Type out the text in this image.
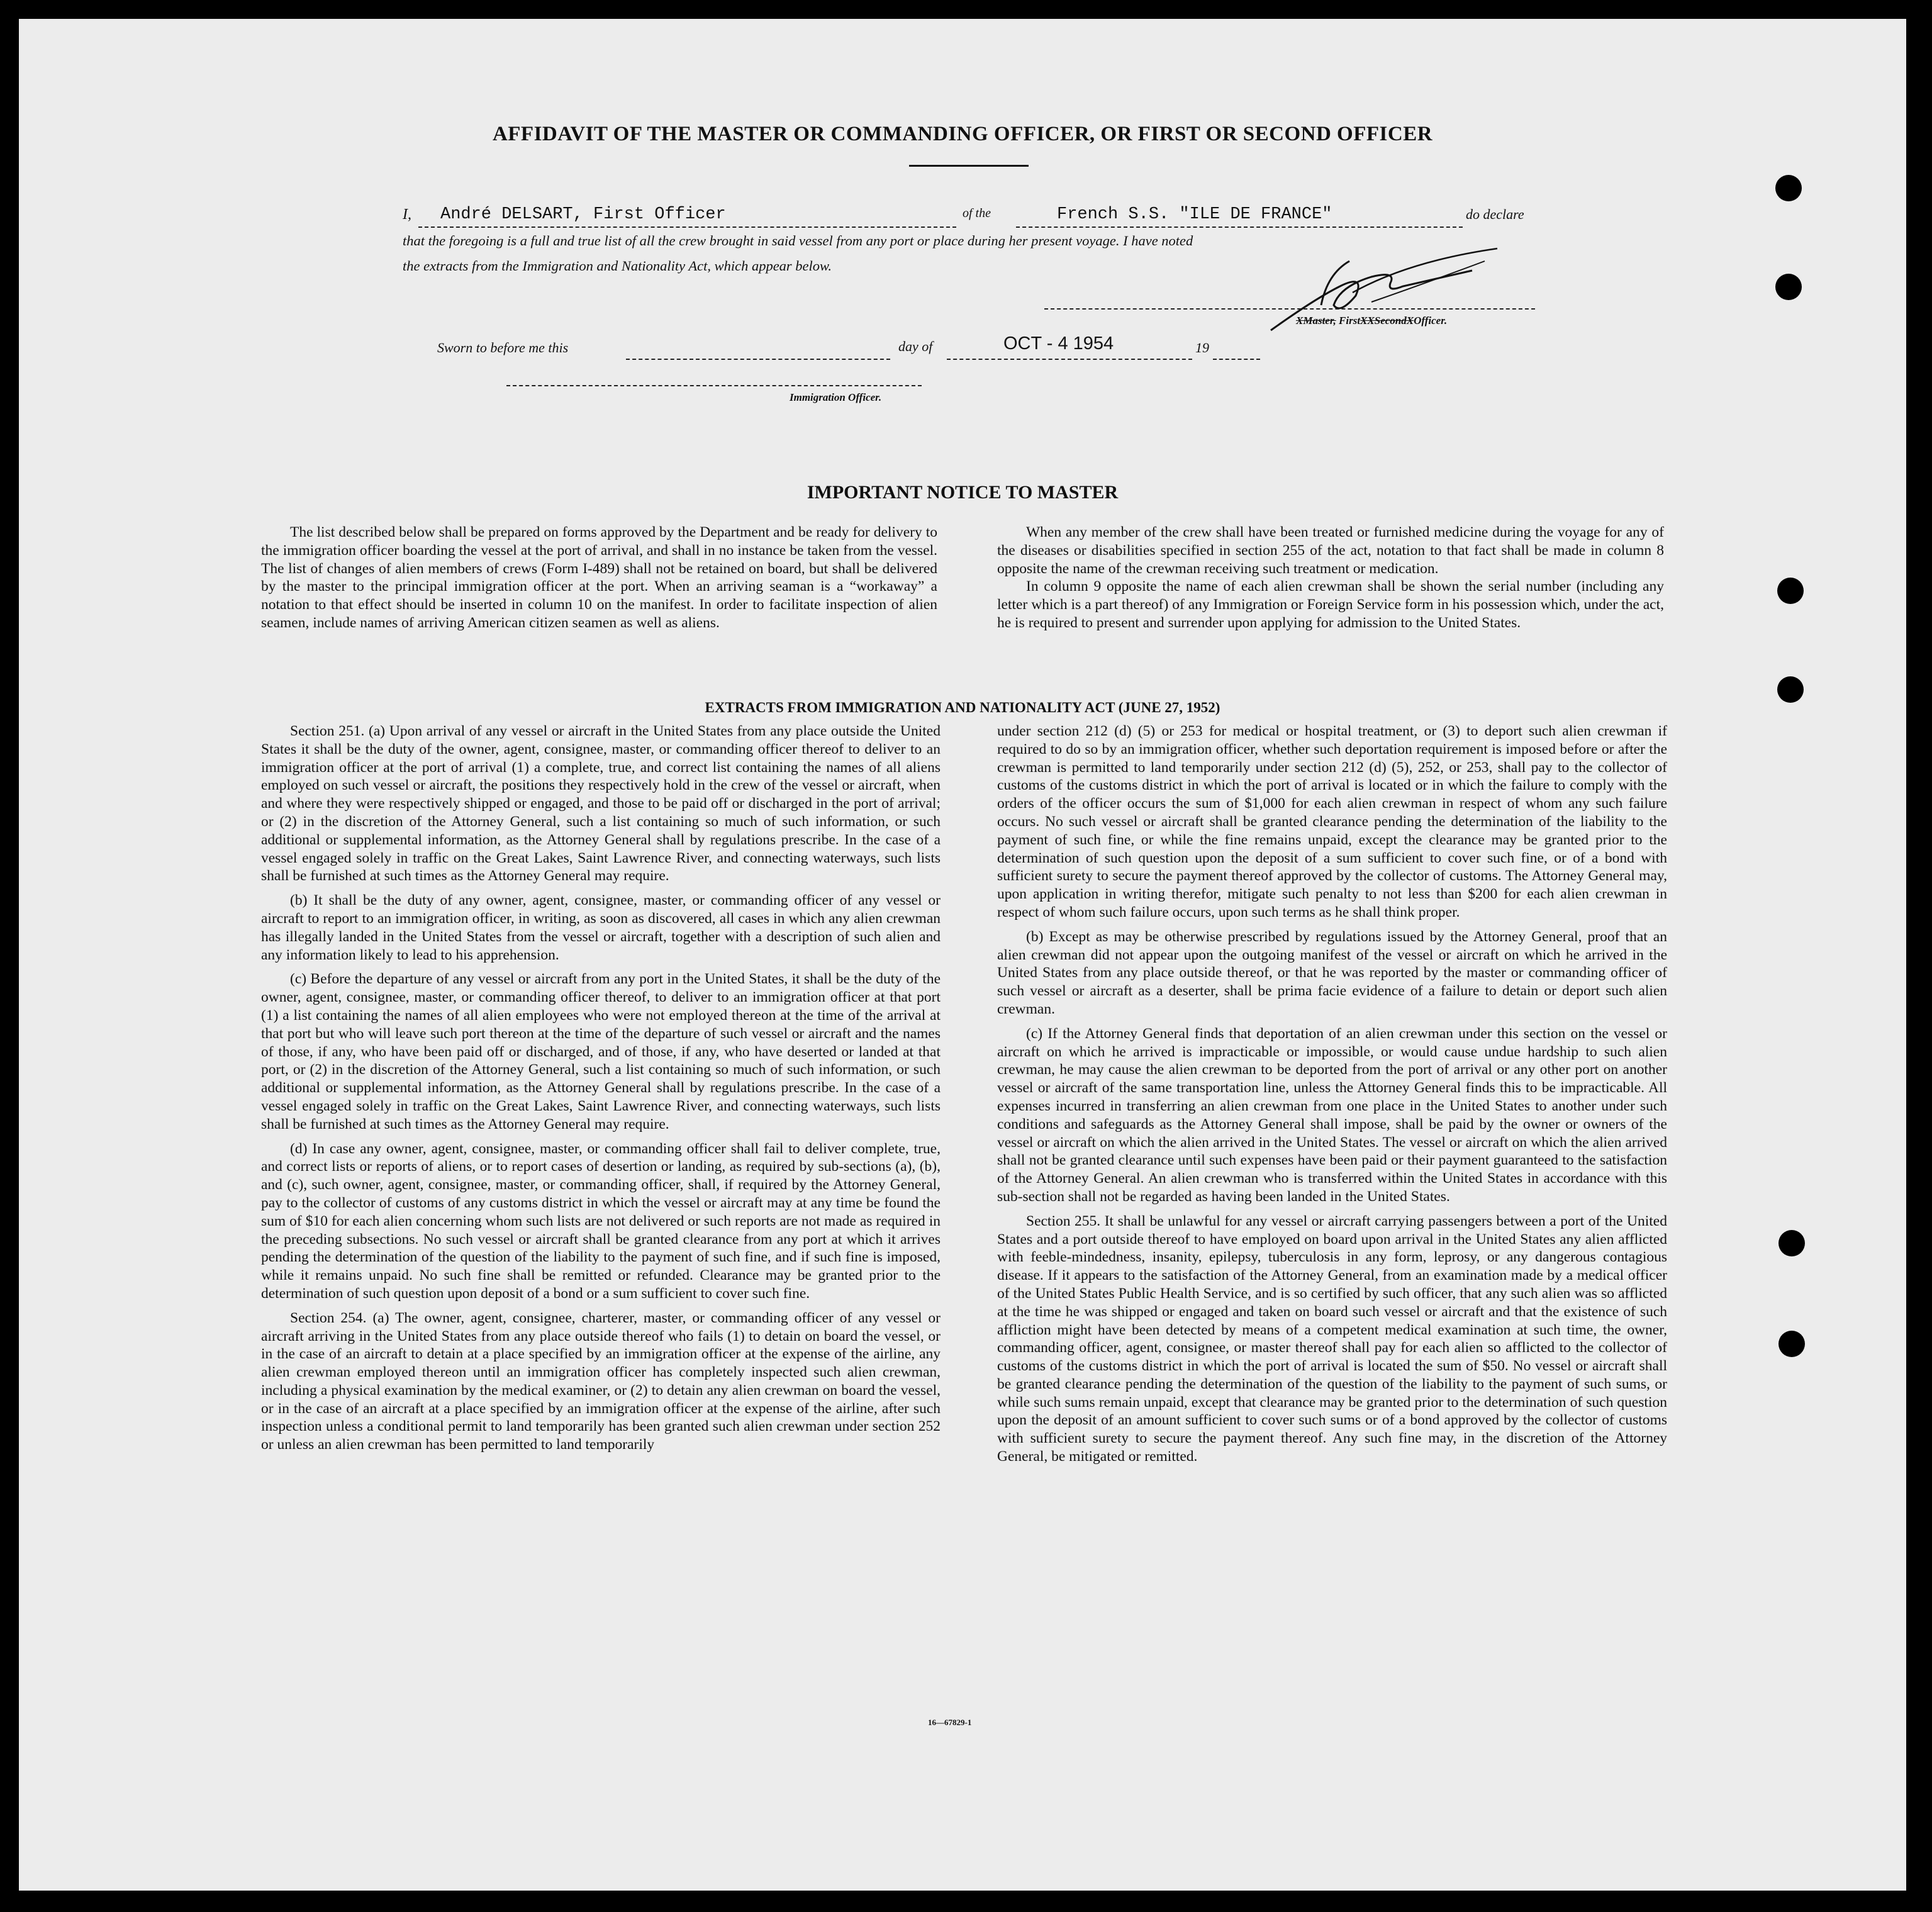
AFFIDAVIT OF THE MASTER OR COMMANDING OFFICER, OR FIRST OR SECOND OFFICER
I, André DELSART, First Officer	of the	French S.S. "ILE DE FRANCE"	do declare
that the foregoing is a full and true list of all the crew brought in said vessel from any port or place during her present voyage. I have noted
the extracts from the Immigration and Nationality Act, which appear below.
XMaster, FirstXXSecondXOfficer.
Sworn to before me this	day of	OCT - 4 1954	19
Immigration Officer.
IMPORTANT NOTICE TO MASTER

The list described below shall be prepared on forms approved by the Department and be ready for delivery to the immigration officer boarding the vessel at the port of arrival, and shall in no instance be taken from the vessel. The list of changes of alien members of crews (Form I-489) shall not be retained on board, but shall be delivered by the master to the principal immigration officer at the port. When an arriving seaman is a “workaway” a notation to that effect should be inserted in column 10 on the manifest. In order to facilitate inspection of alien seamen, include names of arriving American citizen seamen as well as aliens.

When any member of the crew shall have been treated or furnished medicine during the voyage for any of the diseases or disabilities specified in section 255 of the act, notation to that fact shall be made in column 8 opposite the name of the crewman receiving such treatment or medication.

In column 9 opposite the name of each alien crewman shall be shown the serial number (including any letter which is a part thereof) of any Immigration or Foreign Service form in his possession which, under the act, he is required to present and surrender upon applying for admission to the United States.

EXTRACTS FROM IMMIGRATION AND NATIONALITY ACT (JUNE 27, 1952)

Section 251. (a) Upon arrival of any vessel or aircraft in the United States from any place outside the United States it shall be the duty of the owner, agent, consignee, master, or commanding officer thereof to deliver to an immigration officer at the port of arrival (1) a complete, true, and correct list containing the names of all aliens employed on such vessel or aircraft, the positions they respectively hold in the crew of the vessel or aircraft, when and where they were respectively shipped or engaged, and those to be paid off or discharged in the port of arrival; or (2) in the discretion of the Attorney General, such a list containing so much of such information, or such additional or supplemental information, as the Attorney General shall by regulations prescribe. In the case of a vessel engaged solely in traffic on the Great Lakes, Saint Lawrence River, and connecting waterways, such lists shall be furnished at such times as the Attorney General may require.

(b) It shall be the duty of any owner, agent, consignee, master, or commanding officer of any vessel or aircraft to report to an immigration officer, in writing, as soon as discovered, all cases in which any alien crewman has illegally landed in the United States from the vessel or aircraft, together with a description of such alien and any information likely to lead to his apprehension.

(c) Before the departure of any vessel or aircraft from any port in the United States, it shall be the duty of the owner, agent, consignee, master, or commanding officer thereof, to deliver to an immigration officer at that port (1) a list containing the names of all alien employees who were not employed thereon at the time of the arrival at that port but who will leave such port thereon at the time of the departure of such vessel or aircraft and the names of those, if any, who have been paid off or discharged, and of those, if any, who have deserted or landed at that port, or (2) in the discretion of the Attorney General, such a list containing so much of such information, or such additional or supplemental information, as the Attorney General shall by regulations prescribe. In the case of a vessel engaged solely in traffic on the Great Lakes, Saint Lawrence River, and connecting waterways, such lists shall be furnished at such times as the Attorney General may require.

(d) In case any owner, agent, consignee, master, or commanding officer shall fail to deliver complete, true, and correct lists or reports of aliens, or to report cases of desertion or landing, as required by sub-sections (a), (b), and (c), such owner, agent, consignee, master, or commanding officer, shall, if required by the Attorney General, pay to the collector of customs of any customs district in which the vessel or aircraft may at any time be found the sum of $10 for each alien concerning whom such lists are not delivered or such reports are not made as required in the preceding subsections. No such vessel or aircraft shall be granted clearance from any port at which it arrives pending the determination of the question of the liability to the payment of such fine, and if such fine is imposed, while it remains unpaid. No such fine shall be remitted or refunded. Clearance may be granted prior to the determination of such question upon deposit of a bond or a sum sufficient to cover such fine.

Section 254. (a) The owner, agent, consignee, charterer, master, or commanding officer of any vessel or aircraft arriving in the United States from any place outside thereof who fails (1) to detain on board the vessel, or in the case of an aircraft to detain at a place specified by an immigration officer at the expense of the airline, any alien crewman employed thereon until an immigration officer has completely inspected such alien crewman, including a physical examination by the medical examiner, or (2) to detain any alien crewman on board the vessel, or in the case of an aircraft at a place specified by an immigration officer at the expense of the airline, after such inspection unless a conditional permit to land temporarily has been granted such alien crewman under section 252 or unless an alien crewman has been permitted to land temporarily

under section 212 (d) (5) or 253 for medical or hospital treatment, or (3) to deport such alien crewman if required to do so by an immigration officer, whether such deportation requirement is imposed before or after the crewman is permitted to land temporarily under section 212 (d) (5), 252, or 253, shall pay to the collector of customs of the customs district in which the port of arrival is located or in which the failure to comply with the orders of the officer occurs the sum of $1,000 for each alien crewman in respect of whom any such failure occurs. No such vessel or aircraft shall be granted clearance pending the determination of the liability to the payment of such fine, or while the fine remains unpaid, except the clearance may be granted prior to the determination of such question upon the deposit of a sum sufficient to cover such fine, or of a bond with sufficient surety to secure the payment thereof approved by the collector of customs. The Attorney General may, upon application in writing therefor, mitigate such penalty to not less than $200 for each alien crewman in respect of whom such failure occurs, upon such terms as he shall think proper.

(b) Except as may be otherwise prescribed by regulations issued by the Attorney General, proof that an alien crewman did not appear upon the outgoing manifest of the vessel or aircraft on which he arrived in the United States from any place outside thereof, or that he was reported by the master or commanding officer of such vessel or aircraft as a deserter, shall be prima facie evidence of a failure to detain or deport such alien crewman.

(c) If the Attorney General finds that deportation of an alien crewman under this section on the vessel or aircraft on which he arrived is impracticable or impossible, or would cause undue hardship to such alien crewman, he may cause the alien crewman to be deported from the port of arrival or any other port on another vessel or aircraft of the same transportation line, unless the Attorney General finds this to be impracticable. All expenses incurred in transferring an alien crewman from one place in the United States to another under such conditions and safeguards as the Attorney General shall impose, shall be paid by the owner or owners of the vessel or aircraft on which the alien arrived in the United States. The vessel or aircraft on which the alien arrived shall not be granted clearance until such expenses have been paid or their payment guaranteed to the satisfaction of the Attorney General. An alien crewman who is transferred within the United States in accordance with this sub-section shall not be regarded as having been landed in the United States.

Section 255. It shall be unlawful for any vessel or aircraft carrying passengers between a port of the United States and a port outside thereof to have employed on board upon arrival in the United States any alien afflicted with feeble-mindedness, insanity, epilepsy, tuberculosis in any form, leprosy, or any dangerous contagious disease. If it appears to the satisfaction of the Attorney General, from an examination made by a medical officer of the United States Public Health Service, and is so certified by such officer, that any such alien was so afflicted at the time he was shipped or engaged and taken on board such vessel or aircraft and that the existence of such affliction might have been detected by means of a competent medical examination at such time, the owner, commanding officer, agent, consignee, or master thereof shall pay for each alien so afflicted to the collector of customs of the customs district in which the port of arrival is located the sum of $50. No vessel or aircraft shall be granted clearance pending the determination of the question of the liability to the payment of such sums, or while such sums remain unpaid, except that clearance may be granted prior to the determination of such question upon the deposit of an amount sufficient to cover such sums or of a bond approved by the collector of customs with sufficient surety to secure the payment thereof. Any such fine may, in the discretion of the Attorney General, be mitigated or remitted.

16—67829-1
